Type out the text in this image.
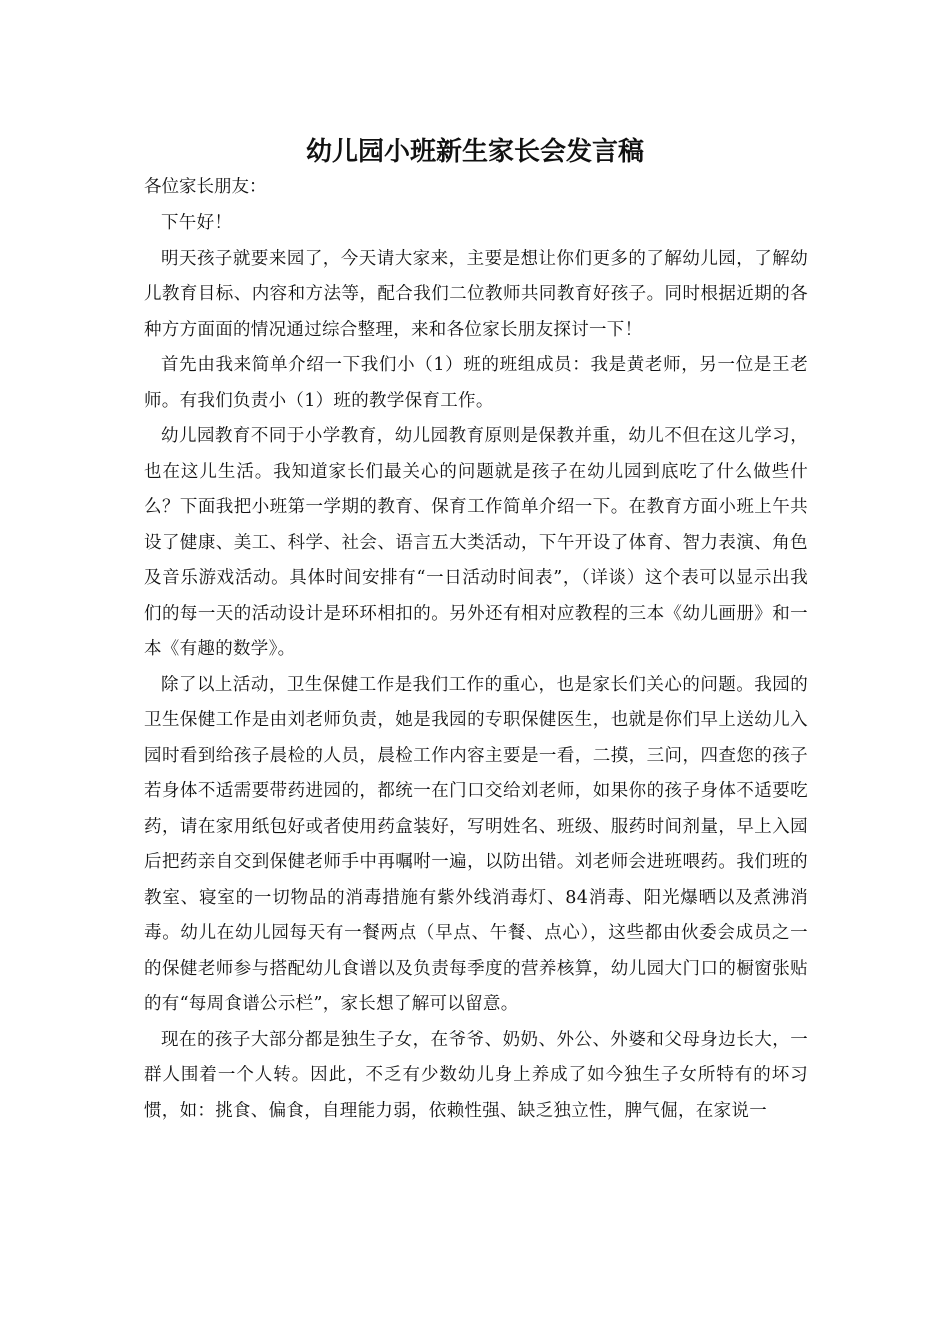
幼儿园小班新生家长会发言稿

各位家长朋友：

下午好！

明天孩子就要来园了，今天请大家来，主要是想让你们更多的了解幼儿园，了解幼儿教育目标、内容和方法等，配合我们二位教师共同教育好孩子。同时根据近期的各种方方面面的情况通过综合整理，来和各位家长朋友探讨一下！

首先由我来简单介绍一下我们小（1）班的班组成员：我是黄老师，另一位是王老师。有我们负责小（1）班的教学保育工作。

幼儿园教育不同于小学教育，幼儿园教育原则是保教并重，幼儿不但在这儿学习，也在这儿生活。我知道家长们最关心的问题就是孩子在幼儿园到底吃了什么做些什么？下面我把小班第一学期的教育、保育工作简单介绍一下。在教育方面小班上午共设了健康、美工、科学、社会、语言五大类活动，下午开设了体育、智力表演、角色及音乐游戏活动。具体时间安排有“一日活动时间表”，（详谈）这个表可以显示出我们的每一天的活动设计是环环相扣的。另外还有相对应教程的三本《幼儿画册》和一本《有趣的数学》。

除了以上活动，卫生保健工作是我们工作的重心，也是家长们关心的问题。我园的卫生保健工作是由刘老师负责，她是我园的专职保健医生，也就是你们早上送幼儿入园时看到给孩子晨检的人员，晨检工作内容主要是一看，二摸，三问，四查您的孩子若身体不适需要带药进园的，都统一在门口交给刘老师，如果你的孩子身体不适要吃药，请在家用纸包好或者使用药盒装好，写明姓名、班级、服药时间剂量，早上入园后把药亲自交到保健老师手中再嘱咐一遍，以防出错。刘老师会进班喂药。我们班的教室、寝室的一切物品的消毒措施有紫外线消毒灯、84消毒、阳光爆晒以及煮沸消毒。幼儿在幼儿园每天有一餐两点（早点、午餐、点心），这些都由伙委会成员之一的保健老师参与搭配幼儿食谱以及负责每季度的营养核算，幼儿园大门口的橱窗张贴的有“每周食谱公示栏”，家长想了解可以留意。

现在的孩子大部分都是独生子女，在爷爷、奶奶、外公、外婆和父母身边长大，一群人围着一个人转。因此，不乏有少数幼儿身上养成了如今独生子女所特有的坏习惯，如：挑食、偏食，自理能力弱，依赖性强、缺乏独立性，脾气倔，在家说一
